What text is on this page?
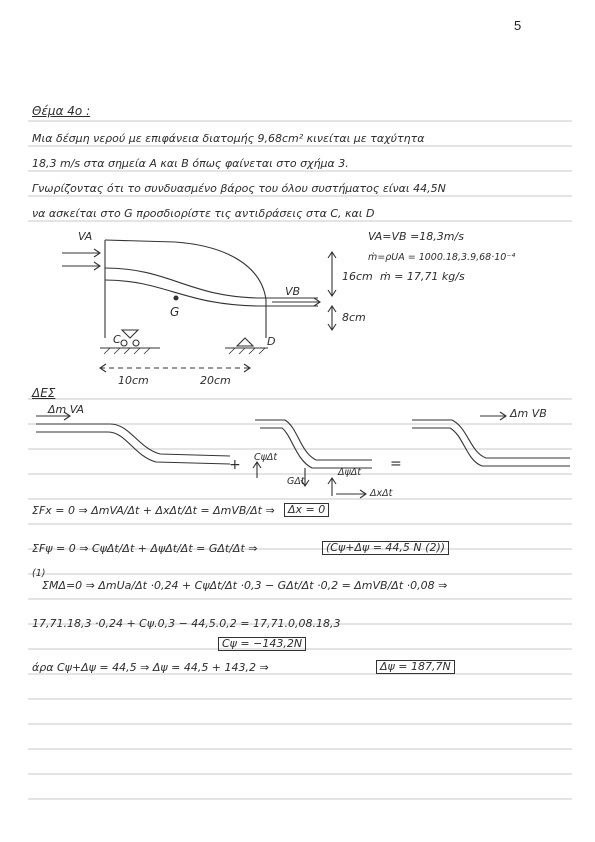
5
Θέμα 4ο :
Μια δέσμη νερού με επιφάνεια διατομής 9,68cm² κινείται με ταχύτητα
18,3 m/s στα σημεία A και B όπως φαίνεται στο σχήμα 3.
Γνωρίζοντας ότι το συνδυασμένο βάρος του όλου συστήματος είναι 44,5N
να ασκείται στο G προσδιορίστε τις αντιδράσεις στα C, και D
VA
VB
G
C	D
16cm
8cm
10cm	20cm
VA=VB =18,3m/s
ṁ=ρUA = 1000.18,3.9,68·10⁻⁴
ṁ = 17,71 kg/s
ΔΕΣ
Δm VA	Δm VB
+ CψΔt
GΔt
ΔψΔt
ΔxΔt
=
ΣFx = 0 ⇒ ΔmVA/Δt + ΔxΔt/Δt = ΔmVB/Δt ⇒	Δx = 0
ΣFψ = 0 ⇒ CψΔt/Δt + ΔψΔt/Δt = GΔt/Δt ⇒	(Cψ+Δψ = 44,5 N (2))
(1)
ΣMΔ=0 ⇒ ΔmUa/Δt ·0,24 + CψΔt/Δt ·0,3 − GΔt/Δt ·0,2 = ΔmVB/Δt ·0,08 ⇒
17,71.18,3 ·0,24 + Cψ.0,3 − 44,5.0,2 = 17,71.0,08.18,3
Cψ = −143,2N
άρα Cψ+Δψ = 44,5 ⇒ Δψ = 44,5 + 143,2 ⇒	Δψ = 187,7N
